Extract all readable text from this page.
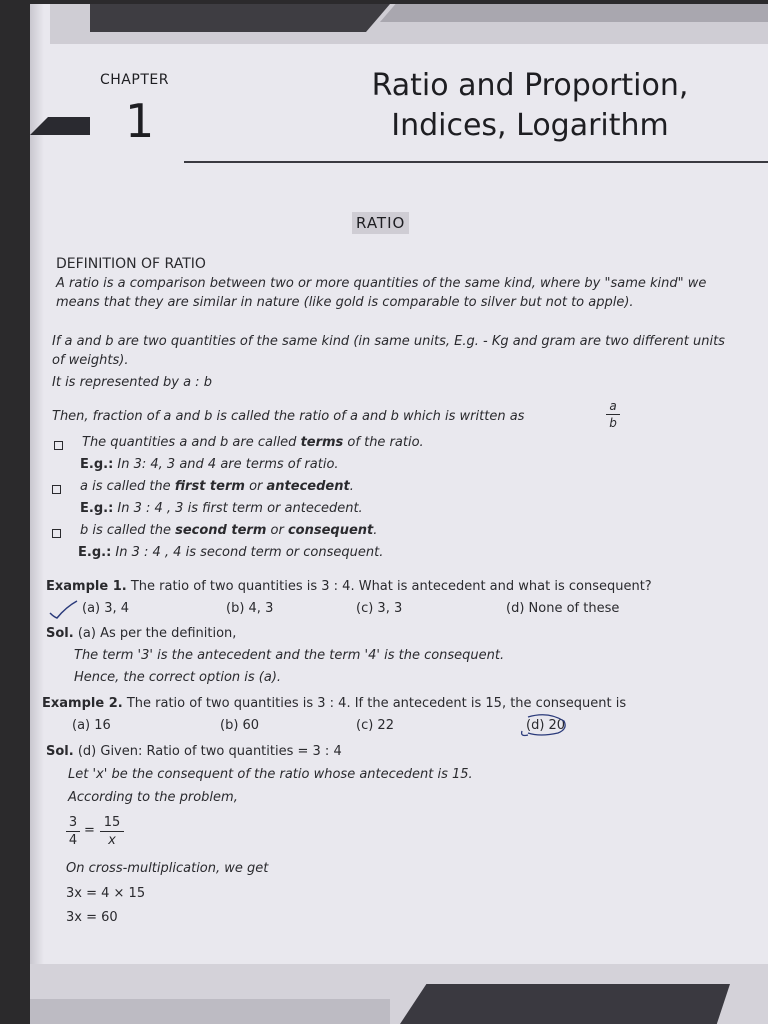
CHAPTER
1
Ratio and Proportion,
Indices, Logarithm
RATIO
DEFINITION OF RATIO
A ratio is a comparison between two or more quantities of the same kind, where by "same kind" we means that they are similar in nature (like gold is comparable to silver but not to apple).
If a and b are two quantities of the same kind (in same units, E.g. - Kg and gram are two different units of weights).
It is represented by a : b
Then, fraction of a and b is called the ratio of a and b which is written as
a
b
The quantities a and b are called terms of the ratio.
E.g.: In 3: 4, 3 and 4 are terms of ratio.
a is called the first term or antecedent.
E.g.: In 3 : 4 , 3 is first term or antecedent.
b is called the second term or consequent.
E.g.: In 3 : 4 , 4 is second term or consequent.
Example 1. The ratio of two quantities is 3 : 4. What is antecedent and what is consequent?
(a) 3, 4	(b) 4, 3	(c) 3, 3	(d) None of these
Sol. (a) As per the definition,
The term '3' is the antecedent and the term '4' is the consequent.
Hence, the correct option is (a).
Example 2. The ratio of two quantities is 3 : 4. If the antecedent is 15, the consequent is
(a) 16	(b) 60	(c) 22	(d) 20
Sol. (d) Given: Ratio of two quantities = 3 : 4
Let 'x' be the consequent of the ratio whose antecedent is 15.
According to the problem,
3
4
=
15
x
On cross-multiplication, we get
3x = 4 × 15
3x = 60
